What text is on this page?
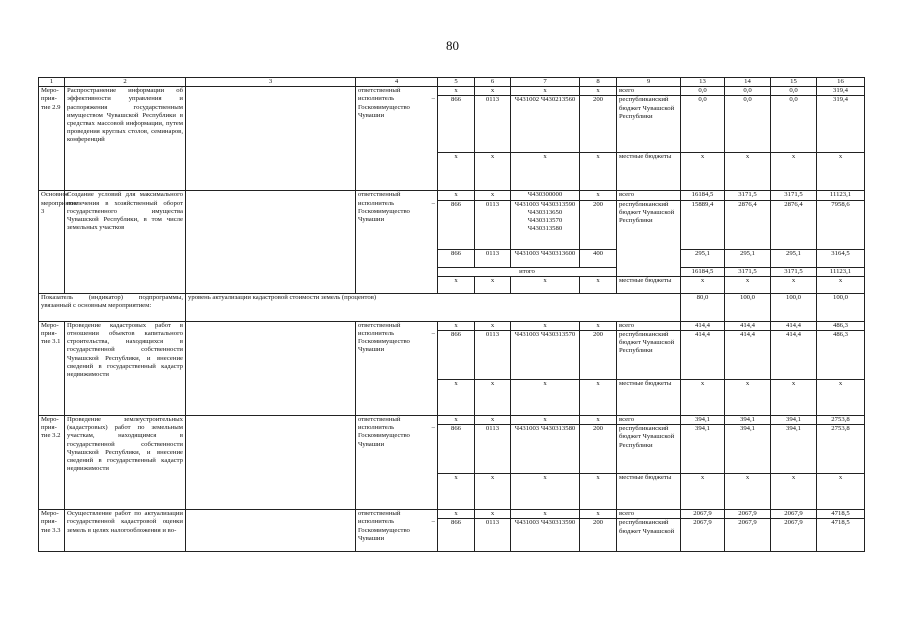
80
1	2	3	4	5	6	7	8	9	13	14	15	16
Меро-прия-тие 2.9	Распространение информации об эффективности управления и распоряжения государственным имуществом Чувашской Республики в средствах массовой информации, путем проведения круглых столов, семинаров, конференций		ответственный исполнитель – Госкомимущество Чувашии	х	х	х	х	всего	0,0	0,0	0,0	319,4
				866	0113	Ч431002 Ч430213560	200	республиканский бюджет Чувашской Республики	0,0	0,0	0,0	319,4
				х	х	х	х	местные бюджеты	х	х	х	х
Основное мероприятие 3	Создание условий для максимального вовлечения в хозяйственный оборот государственного имущества Чувашской Республики, в том числе земельных участков		ответственный исполнитель – Госкомимущество Чувашии	х	х	Ч430300000	х	всего	16184,5	3171,5	3171,5	11123,1
				866	0113	Ч431003 Ч430313590 Ч430313650 Ч430313570 Ч430313580	200	республиканский бюджет Чувашской Республики	15889,4	2876,4	2876,4	7958,6
				866	0113	Ч431003 Ч430313600	400		295,1	295,1	295,1	3164,5
				итого					16184,5	3171,5	3171,5	11123,1
				х	х	х	х	местные бюджеты	х	х	х	х
Показатель (индикатор) подпрограммы, увязанный с основным мероприятием:		уровень актуализации кадастровой стоимости земель (процентов)							80,0	100,0	100,0	100,0
Меро-прия-тие 3.1	Проведение кадастровых работ в отношении объектов капитального строительства, находящихся в государственной собственности Чувашской Республики, и внесение сведений в государственный кадастр недвижимости		ответственный исполнитель – Госкомимущество Чувашии	х	х	х	х	всего	414,4	414,4	414,4	486,3
				866	0113	Ч431003 Ч430313570	200	республиканский бюджет Чувашской Республики	414,4	414,4	414,4	486,3
				х	х	х	х	местные бюджеты	х	х	х	х
Меро-прия-тие 3.2	Проведение землеустроительных (кадастровых) работ по земельным участкам, находящимся в государственной собственности Чувашской Республики, и внесение сведений в государственный кадастр недвижимости		ответственный исполнитель – Госкомимущество Чувашии	х	х	х	х	всего	394,1	394,1	394,1	2753,8
				866	0113	Ч431003 Ч430313580	200	республиканский бюджет Чувашской Республики	394,1	394,1	394,1	2753,8
				х	х	х	х	местные бюджеты	х	х	х	х
Меро-прия-тие 3.3	Осуществление работ по актуализации государственной кадастровой оценки земель в целях налогообложения и во-		ответственный исполнитель – Госкомимущество Чувашии	х	х	х	х	всего	2067,9	2067,9	2067,9	4718,5
				866	0113	Ч431003 Ч430313590	200	республиканский бюджет Чувашской	2067,9	2067,9	2067,9	4718,5
